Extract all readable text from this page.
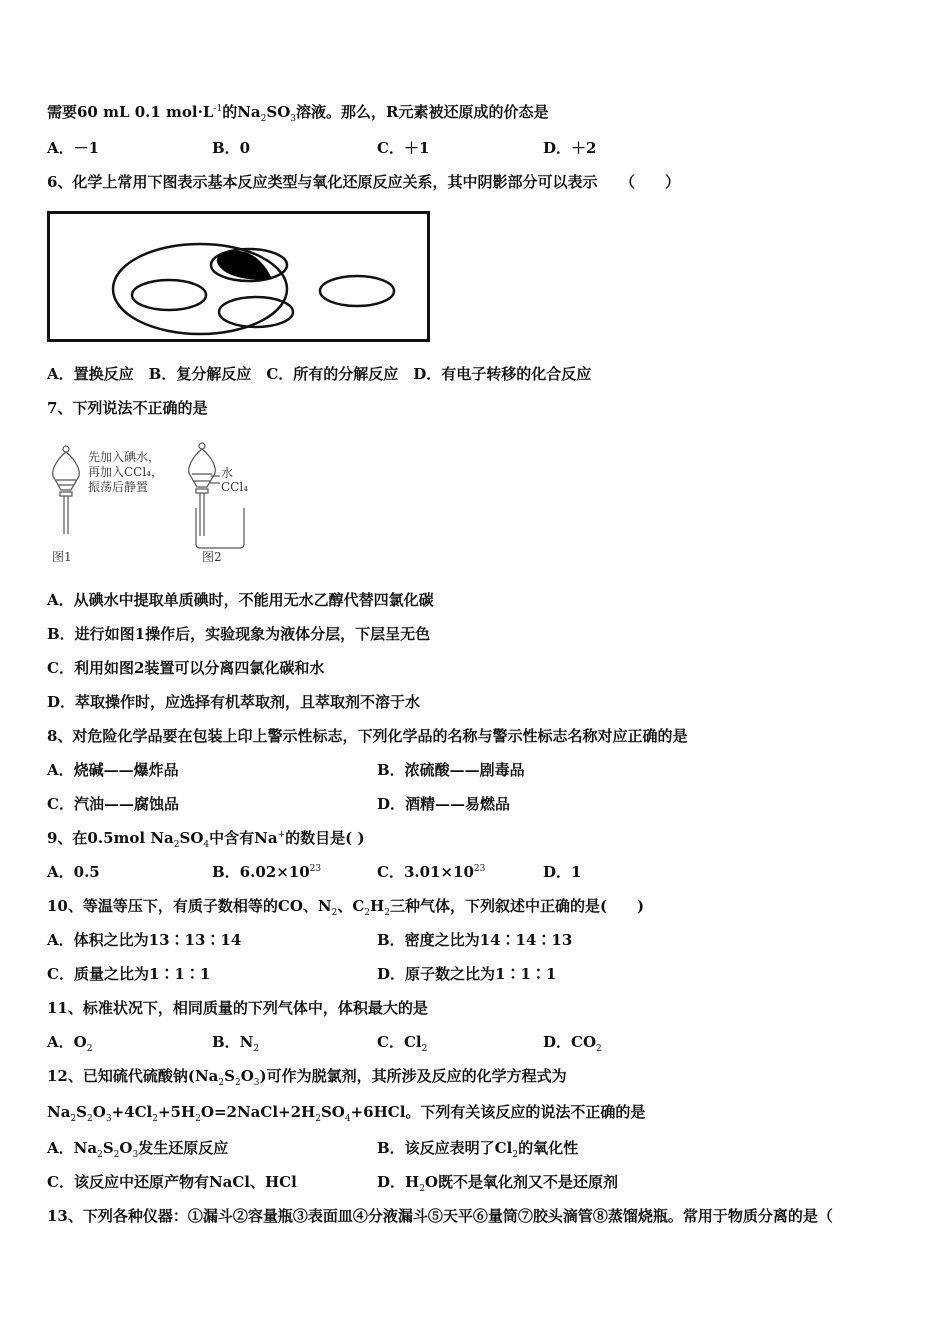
需要60 mL 0.1 $mol\cdot L^{-1}$的$Na_2SO_3$溶液。那么，R元素被还原成的价态是
A．－1	B．0	C．＋1	D．＋2
6、化学上常用下图表示基本反应类型与氧化还原反应关系，其中阴影部分可以表示　　（　　）
A．置换反应　B．复分解反应　C．所有的分解反应　D．有电子转移的化合反应
7、下列说法不正确的是
A．从碘水中提取单质碘时，不能用无水乙醇代替四氯化碳
B．进行如图1操作后，实验现象为液体分层，下层呈无色
C．利用如图2装置可以分离四氯化碳和水
D．萃取操作时，应选择有机萃取剂，且萃取剂不溶于水
8、对危险化学品要在包装上印上警示性标志，下列化学品的名称与警示性标志名称对应正确的是
A．烧碱——爆炸品	B．浓硫酸——剧毒品
C．汽油——腐蚀品	D．酒精——易燃品
9、在0.5mol $Na_2SO_4$中含有Na+的数目是( )
A．0.5	B．$6.02\times 10^{23}$	C．$3.01\times 10^{23}$	D．1
10、等温等压下，有质子数相等的CO、$N_2$、$C_2H_2$三种气体，下列叙述中正确的是(　　)
A．体积之比为13∶13∶14	B．密度之比为14∶14∶13
C．质量之比为1∶1∶1	D．原子数之比为1∶1∶1
11、标准状况下，相同质量的下列气体中，体积最大的是
A．$O_2$	B．$N_2$	C．$Cl_2$	D．$CO_2$
12、已知硫代硫酸钠$(Na_2S_2O_3)$可作为脱氯剂，其所涉及反应的化学方程式为
$Na_2S_2O_3+4Cl_2+5H_2O=2NaCl+2H_2SO_4+6HCl$。下列有关该反应的说法不正确的是
A．$Na_2S_2O_3$发生还原反应	B．该反应表明了$Cl_2$的氧化性
C．该反应中还原产物有NaCl、HCl	D．$H_2O$既不是氧化剂又不是还原剂
13、下列各种仪器：①漏斗②容量瓶③表面皿④分液漏斗⑤天平⑥量筒⑦胶头滴管⑧蒸馏烧瓶。常用于物质分离的是（
先加入碘水，
再加入CCl₄，
振荡后静置
水
CCl₄
图1	图2
